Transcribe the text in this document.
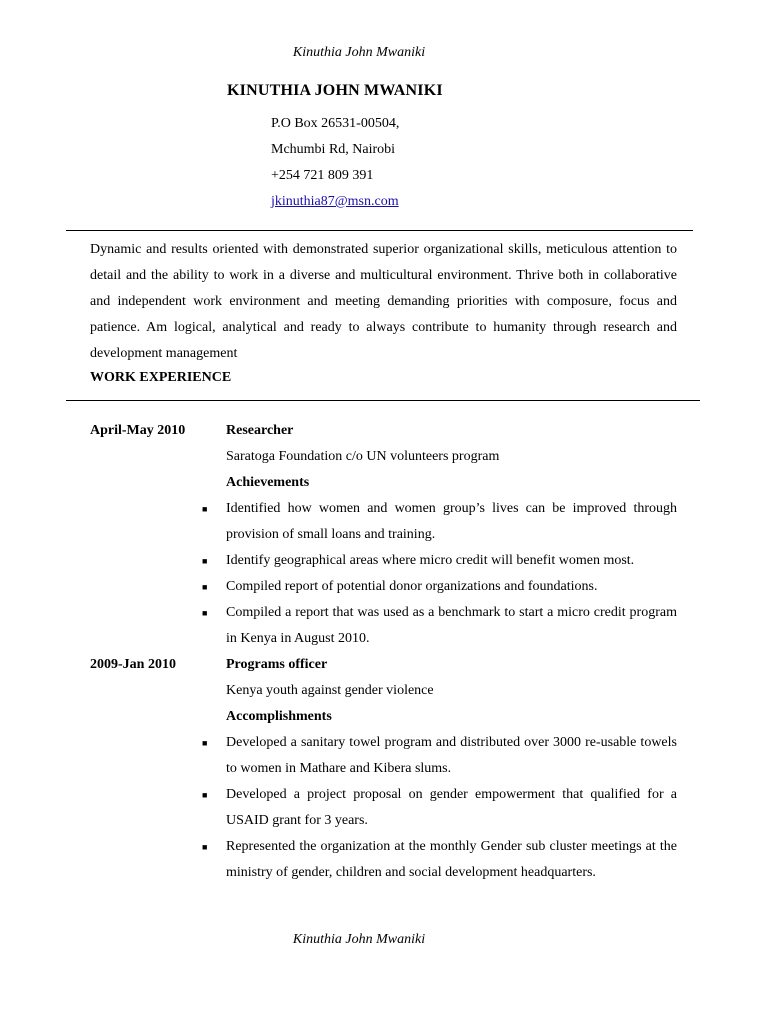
Kinuthia John Mwaniki
KINUTHIA JOHN MWANIKI
P.O Box 26531-00504,
Mchumbi Rd, Nairobi
+254 721 809 391
jkinuthia87@msn.com
Dynamic and results oriented with demonstrated superior organizational skills, meticulous attention to detail and the ability to work in a diverse and multicultural environment. Thrive both in collaborative and independent work environment and meeting demanding priorities with composure, focus and patience. Am logical, analytical and ready to always contribute to humanity through research and development management
WORK EXPERIENCE
April-May 2010	Researcher
Saratoga Foundation c/o UN volunteers program
Achievements
■ Identified how women and women group’s lives can be improved through provision of small loans and training.
■ Identify geographical areas where micro credit will benefit women most.
■ Compiled report of potential donor organizations and foundations.
■ Compiled a report that was used as a benchmark to start a micro credit program in Kenya in August 2010.
2009-Jan 2010	Programs officer
Kenya youth against gender violence
Accomplishments
■ Developed a sanitary towel program and distributed over 3000 re-usable towels to women in Mathare and Kibera slums.
■ Developed a project proposal on gender empowerment that qualified for a USAID grant for 3 years.
■ Represented the organization at the monthly Gender sub cluster meetings at the ministry of gender, children and social development headquarters.
Kinuthia John Mwaniki
